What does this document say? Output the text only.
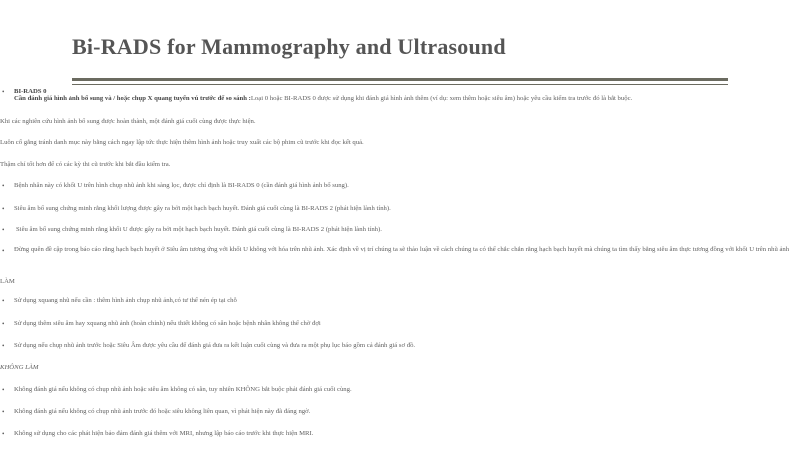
Bi-RADS for Mammography and Ultrasound
• BI-RADS 0
Cần đánh giá hình ảnh bổ sung và / hoặc chụp X quang tuyến vú trước để so sánh :Loại 0 hoặc BI-RADS 0 được sử dụng khi đánh giá hình ảnh thêm (ví dụ: xem thêm hoặc siêu âm) hoặc yêu cầu kiểm tra trước đó là bắt buộc.
Khi các nghiên cứu hình ảnh bổ sung được hoàn thành, một đánh giá cuối cùng được thực hiện.
Luôn cố gắng tránh danh mục này bằng cách ngay lập tức thực hiện thêm hình ảnh hoặc truy xuất các bộ phim cũ trước khi đọc kết quả.
Thậm chí tốt hơn để có các kỳ thi cũ trước khi bắt đầu kiểm tra.
• Bệnh nhân này có khối U trên hình chụp nhũ ảnh khi sàng lọc, được chỉ định là BI-RADS 0 (cần đánh giá hình ảnh bổ sung).
• Siêu âm bổ sung chứng minh rằng khối lượng được gây ra bởi một hạch bạch huyết. Đánh giá cuối cùng là BI-RADS 2 (phát hiện lành tính).
• Siêu âm bổ sung chứng minh rằng khối U được gây ra bởi một hạch bạch huyết. Đánh giá cuối cùng là BI-RADS 2 (phát hiện lành tính).
• Đừng quên đề cập trong báo cáo rằng hạch bạch huyết ở Siêu âm tương ứng với khối U không với hóa trên nhũ ảnh. Xác định về vị trí chúng ta sẽ thảo luận về cách chúng ta có thể chắc chắn rằng hạch bạch huyết mà chúng ta tìm thấy bằng siêu âm thực tương đồng với khối U trên nhũ ảnh
LÀM
• Sử dụng xquang nhũ nếu cần : thêm hình ảnh chụp nhũ ảnh,có tư thế nén ép tại chỗ
• Sử dụng thêm siêu âm hay xquang nhũ ảnh (hoàn chỉnh) nếu thiết không có sẵn hoặc bệnh nhân không thể chờ đợi
• Sử dụng nếu chụp nhũ ảnh trước hoặc Siêu Âm được yêu cầu để đánh giá đưa ra kết luận cuối cùng và đưa ra một phụ lục báo gồm cả đánh giá sơ đồ.
KHÔNG LÀM
• Không đánh giá nếu không có chụp nhũ ảnh hoặc siêu âm không có sẵn, tuy nhiên KHÔNG bắt buộc phải đánh giá cuối cùng.
• Không đánh giá nếu không có chụp nhũ ảnh trước đó hoặc siêu không liên quan, vì phát hiện này đã đáng ngờ.
• Không sử dụng cho các phát hiện bảo đảm đánh giá thêm với MRI, nhưng lập báo cáo trước khi thực hiện MRI.
